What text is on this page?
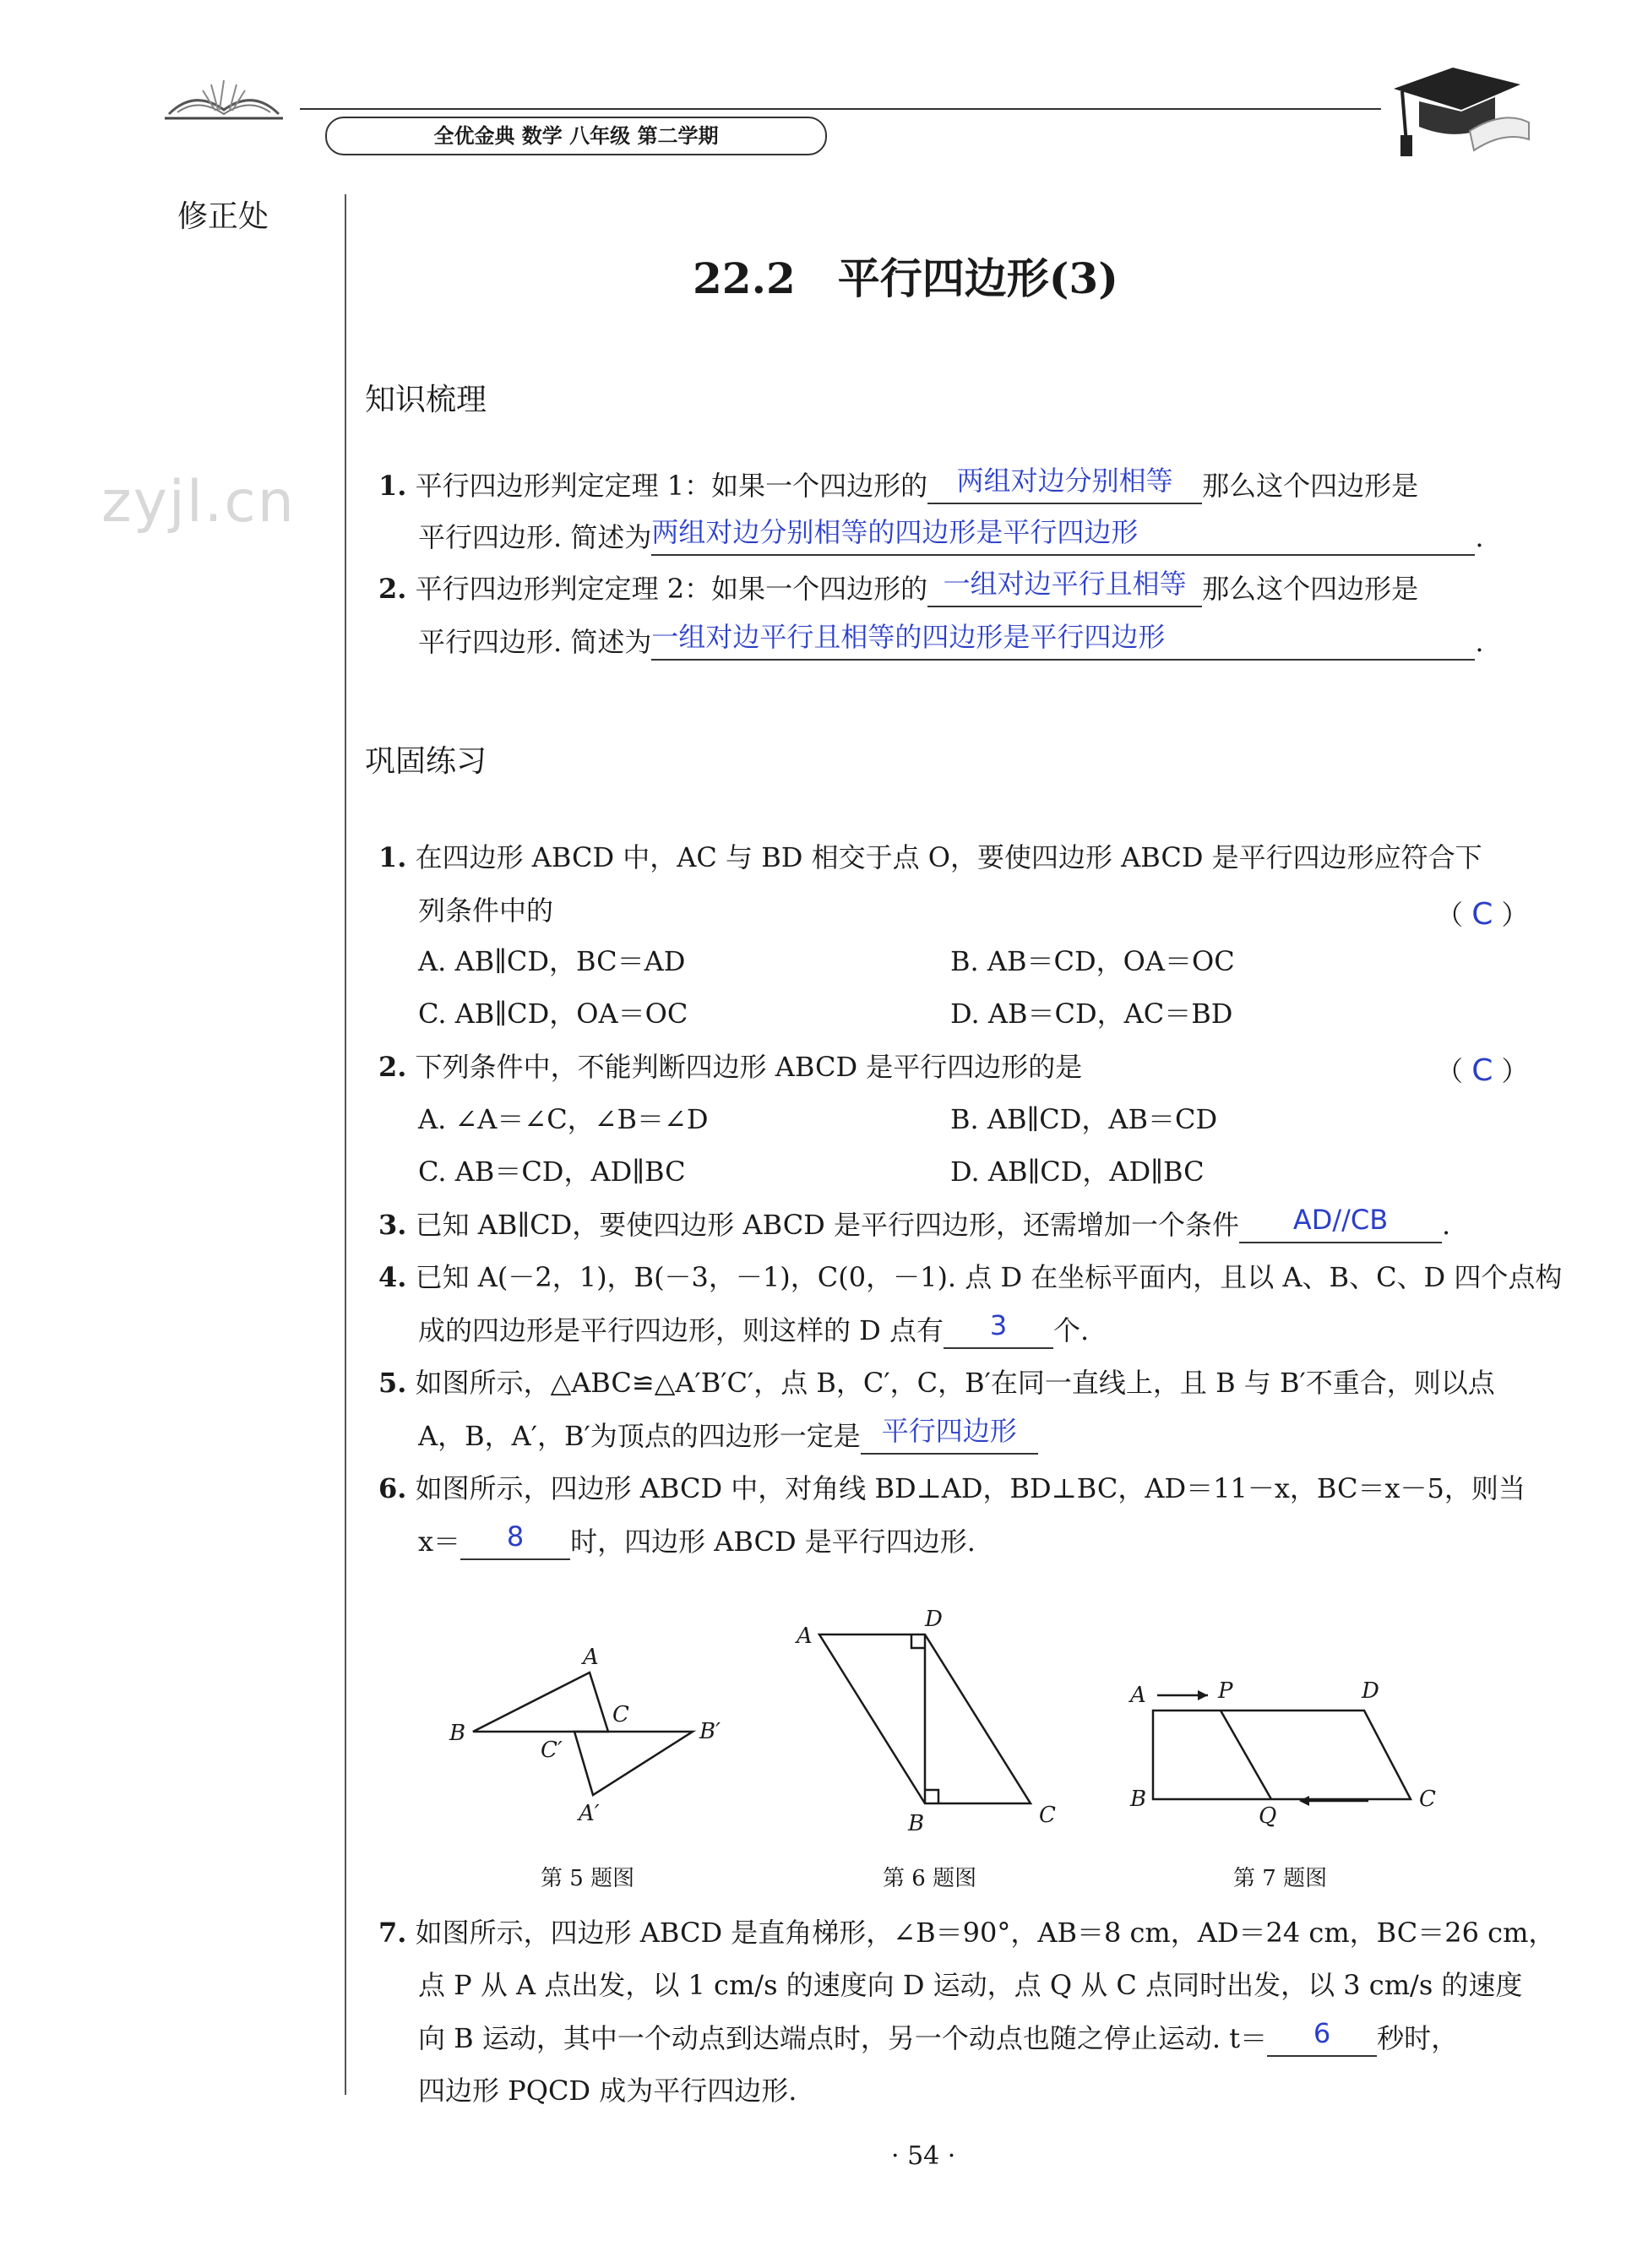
全优金典 数学 八年级 第二学期
修正处
zyjl.cn
22.2　平行四边形(3)
知识梳理
1. 平行四边形判定定理 1：如果一个四边形的 两组对边分别相等 那么这个四边形是
平行四边形. 简述为两组对边分别相等的四边形是平行四边形	.
2. 平行四边形判定定理 2：如果一个四边形的 一组对边平行且相等 那么这个四边形是
平行四边形. 简述为一组对边平行且相等的四边形是平行四边形	.
巩固练习
1. 在四边形 ABCD 中，AC 与 BD 相交于点 O，要使四边形 ABCD 是平行四边形应符合下
列条件中的	（ C ）
A. AB∥CD，BC＝AD	B. AB＝CD，OA＝OC
C. AB∥CD，OA＝OC	D. AB＝CD，AC＝BD
2. 下列条件中，不能判断四边形 ABCD 是平行四边形的是	（ C ）
A. ∠A＝∠C，∠B＝∠D	B. AB∥CD，AB＝CD
C. AB＝CD，AD∥BC	D. AB∥CD，AD∥BC
3. 已知 AB∥CD，要使四边形 ABCD 是平行四边形，还需增加一个条件 AD//CB .
4. 已知 A(－2，1)，B(－3，－1)，C(0，－1). 点 D 在坐标平面内，且以 A、B、C、D 四个点构
成的四边形是平行四边形，则这样的 D 点有 3 个.
5. 如图所示，△ABC≌△A′B′C′，点 B，C′，C，B′在同一直线上，且 B 与 B′不重合，则以点
A，B，A′，B′为顶点的四边形一定是 平行四边形
6. 如图所示，四边形 ABCD 中，对角线 BD⊥AD，BD⊥BC，AD＝11－x，BC＝x－5，则当
x＝ 8 时，四边形 ABCD 是平行四边形.
A
B
C
C′
B′
A′
第 5 题图
A
D
B	C
第 6 题图
A	P	D
B
Q
C
第 7 题图
7. 如图所示，四边形 ABCD 是直角梯形，∠B＝90°，AB＝8 cm，AD＝24 cm，BC＝26 cm，
点 P 从 A 点出发，以 1 cm/s 的速度向 D 运动，点 Q 从 C 点同时出发，以 3 cm/s 的速度
向 B 运动，其中一个动点到达端点时，另一个动点也随之停止运动. t＝ 6 秒时，
四边形 PQCD 成为平行四边形.
· 54 ·
